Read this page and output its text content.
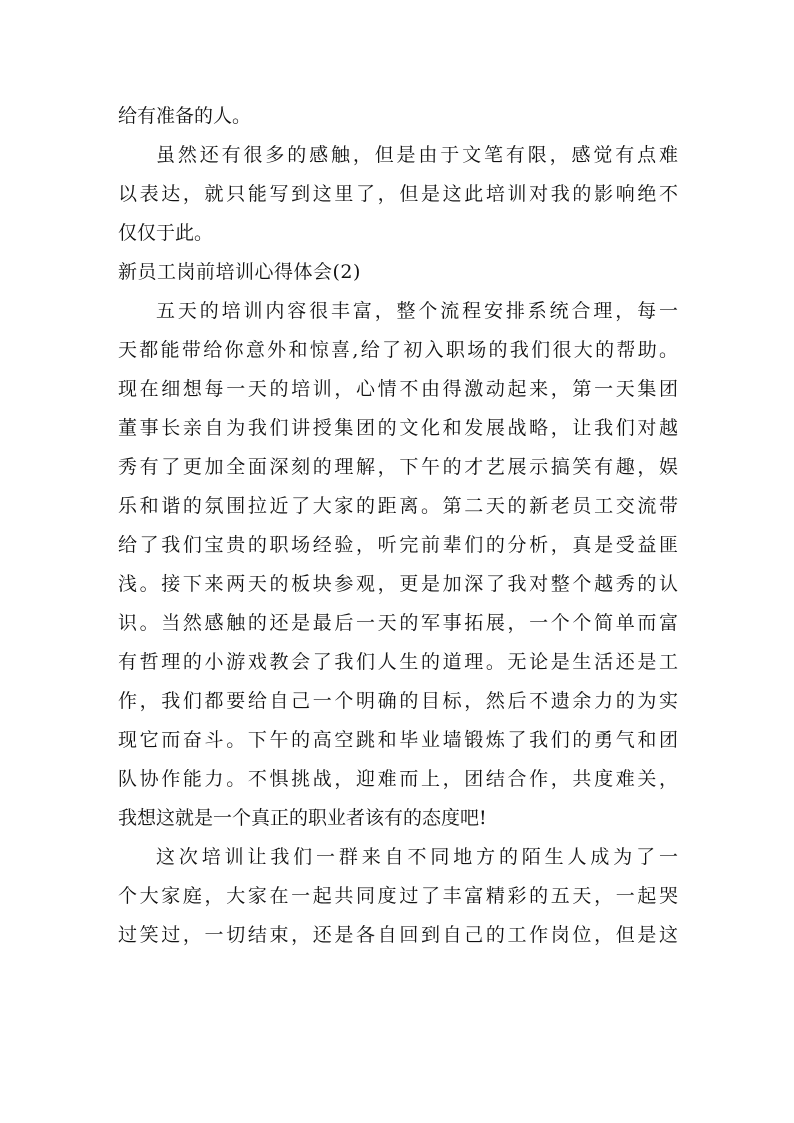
给有准备的人。
虽然还有很多的感触，但是由于文笔有限，感觉有点难
以表达，就只能写到这里了，但是这此培训对我的影响绝不
仅仅于此。
新员工岗前培训心得体会(2)
五天的培训内容很丰富，整个流程安排系统合理，每一
天都能带给你意外和惊喜,给了初入职场的我们很大的帮助。
现在细想每一天的培训，心情不由得激动起来，第一天集团
董事长亲自为我们讲授集团的文化和发展战略，让我们对越
秀有了更加全面深刻的理解，下午的才艺展示搞笑有趣，娱
乐和谐的氛围拉近了大家的距离。第二天的新老员工交流带
给了我们宝贵的职场经验，听完前辈们的分析，真是受益匪
浅。接下来两天的板块参观，更是加深了我对整个越秀的认
识。当然感触的还是最后一天的军事拓展，一个个简单而富
有哲理的小游戏教会了我们人生的道理。无论是生活还是工
作，我们都要给自己一个明确的目标，然后不遗余力的为实
现它而奋斗。下午的高空跳和毕业墙锻炼了我们的勇气和团
队协作能力。不惧挑战，迎难而上，团结合作，共度难关，
我想这就是一个真正的职业者该有的态度吧!
这次培训让我们一群来自不同地方的陌生人成为了一
个大家庭，大家在一起共同度过了丰富精彩的五天，一起哭
过笑过，一切结束，还是各自回到自己的工作岗位，但是这
